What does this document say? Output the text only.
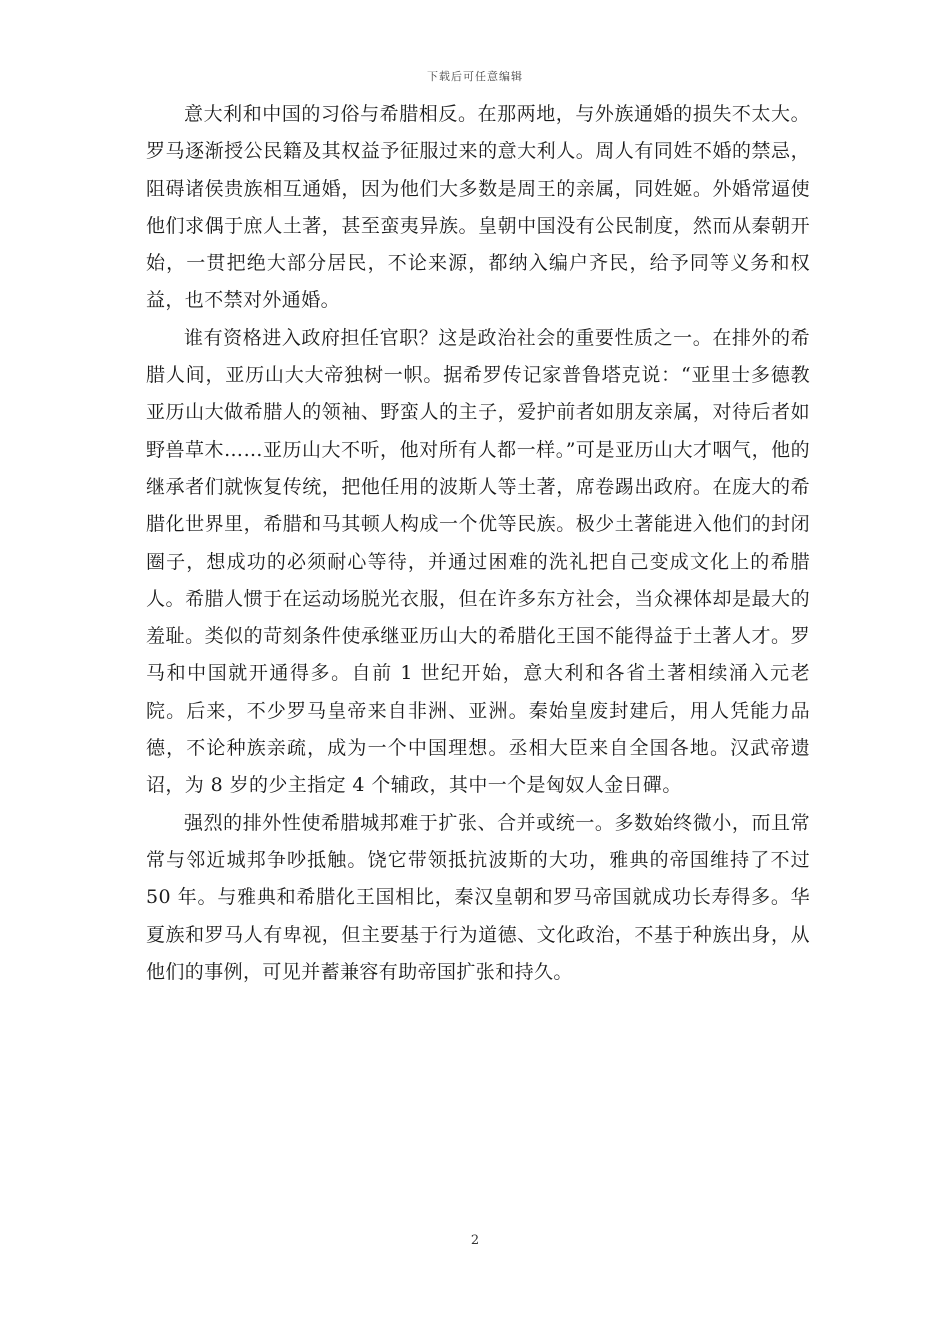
下载后可任意编辑

意大利和中国的习俗与希腊相反。在那两地，与外族通婚的损失不太大。罗马逐渐授公民籍及其权益予征服过来的意大利人。周人有同姓不婚的禁忌，阻碍诸侯贵族相互通婚，因为他们大多数是周王的亲属，同姓姬。外婚常逼使他们求偶于庶人土著，甚至蛮夷异族。皇朝中国没有公民制度，然而从秦朝开始，一贯把绝大部分居民，不论来源，都纳入编户齐民，给予同等义务和权益，也不禁对外通婚。

谁有资格进入政府担任官职？这是政治社会的重要性质之一。在排外的希腊人间，亚历山大大帝独树一帜。据希罗传记家普鲁塔克说：“亚里士多德教亚历山大做希腊人的领袖、野蛮人的主子，爱护前者如朋友亲属，对待后者如野兽草木……亚历山大不听，他对所有人都一样。”可是亚历山大才咽气，他的继承者们就恢复传统，把他任用的波斯人等土著，席卷踢出政府。在庞大的希腊化世界里，希腊和马其顿人构成一个优等民族。极少土著能进入他们的封闭圈子，想成功的必须耐心等待，并通过困难的洗礼把自己变成文化上的希腊人。希腊人惯于在运动场脱光衣服，但在许多东方社会，当众裸体却是最大的羞耻。类似的苛刻条件使承继亚历山大的希腊化王国不能得益于土著人才。罗马和中国就开通得多。自前 1 世纪开始，意大利和各省土著相续涌入元老院。后来，不少罗马皇帝来自非洲、亚洲。秦始皇废封建后，用人凭能力品德，不论种族亲疏，成为一个中国理想。丞相大臣来自全国各地。汉武帝遗诏，为 8 岁的少主指定 4 个辅政，其中一个是匈奴人金日磾。

强烈的排外性使希腊城邦难于扩张、合并或统一。多数始终微小，而且常常与邻近城邦争吵抵触。饶它带领抵抗波斯的大功，雅典的帝国维持了不过 50 年。与雅典和希腊化王国相比，秦汉皇朝和罗马帝国就成功长寿得多。华夏族和罗马人有卑视，但主要基于行为道德、文化政治，不基于种族出身，从他们的事例，可见并蓄兼容有助帝国扩张和持久。

2
